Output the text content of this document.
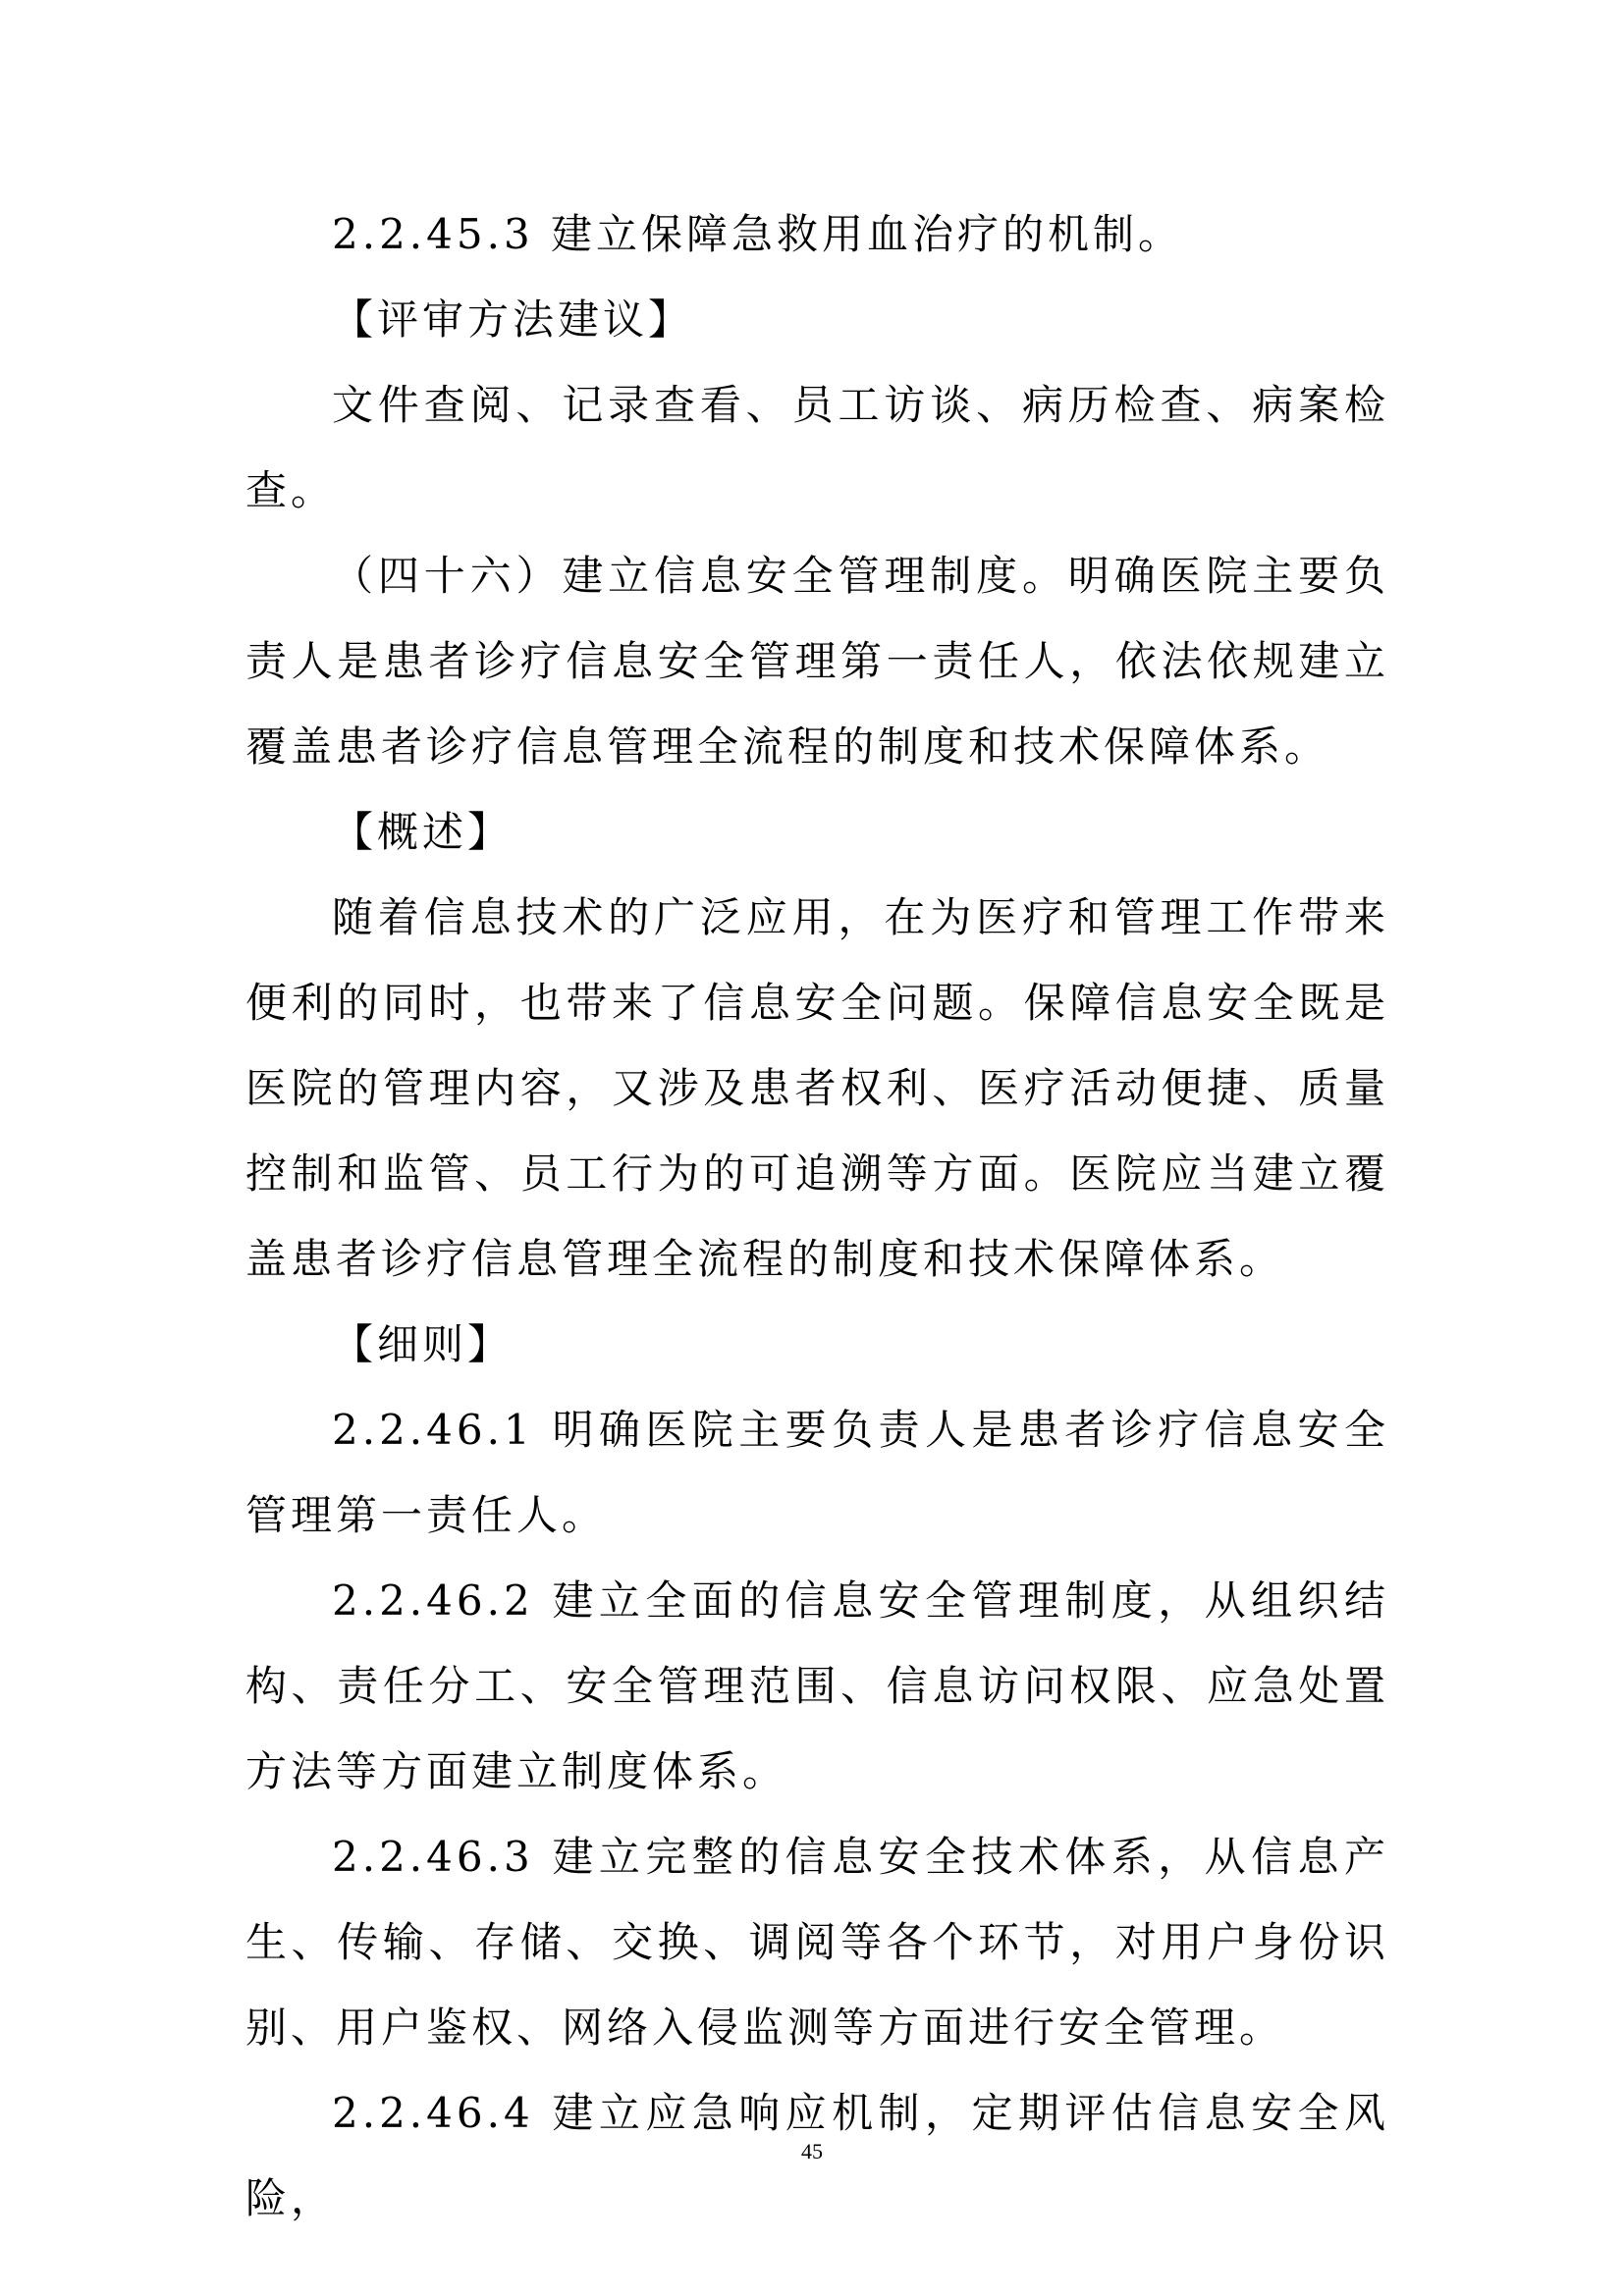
2.2.45.3 建立保障急救用血治疗的机制。

【评审方法建议】

文件查阅、记录查看、员工访谈、病历检查、病案检查。

（四十六）建立信息安全管理制度。明确医院主要负责人是患者诊疗信息安全管理第一责任人，依法依规建立覆盖患者诊疗信息管理全流程的制度和技术保障体系。

【概述】

随着信息技术的广泛应用，在为医疗和管理工作带来便利的同时，也带来了信息安全问题。保障信息安全既是医院的管理内容，又涉及患者权利、医疗活动便捷、质量控制和监管、员工行为的可追溯等方面。医院应当建立覆盖患者诊疗信息管理全流程的制度和技术保障体系。

【细则】

2.2.46.1 明确医院主要负责人是患者诊疗信息安全管理第一责任人。

2.2.46.2 建立全面的信息安全管理制度，从组织结构、责任分工、安全管理范围、信息访问权限、应急处置方法等方面建立制度体系。

2.2.46.3 建立完整的信息安全技术体系，从信息产生、传输、存储、交换、调阅等各个环节，对用户身份识别、用户鉴权、网络入侵监测等方面进行安全管理。

2.2.46.4 建立应急响应机制，定期评估信息安全风险，

45
